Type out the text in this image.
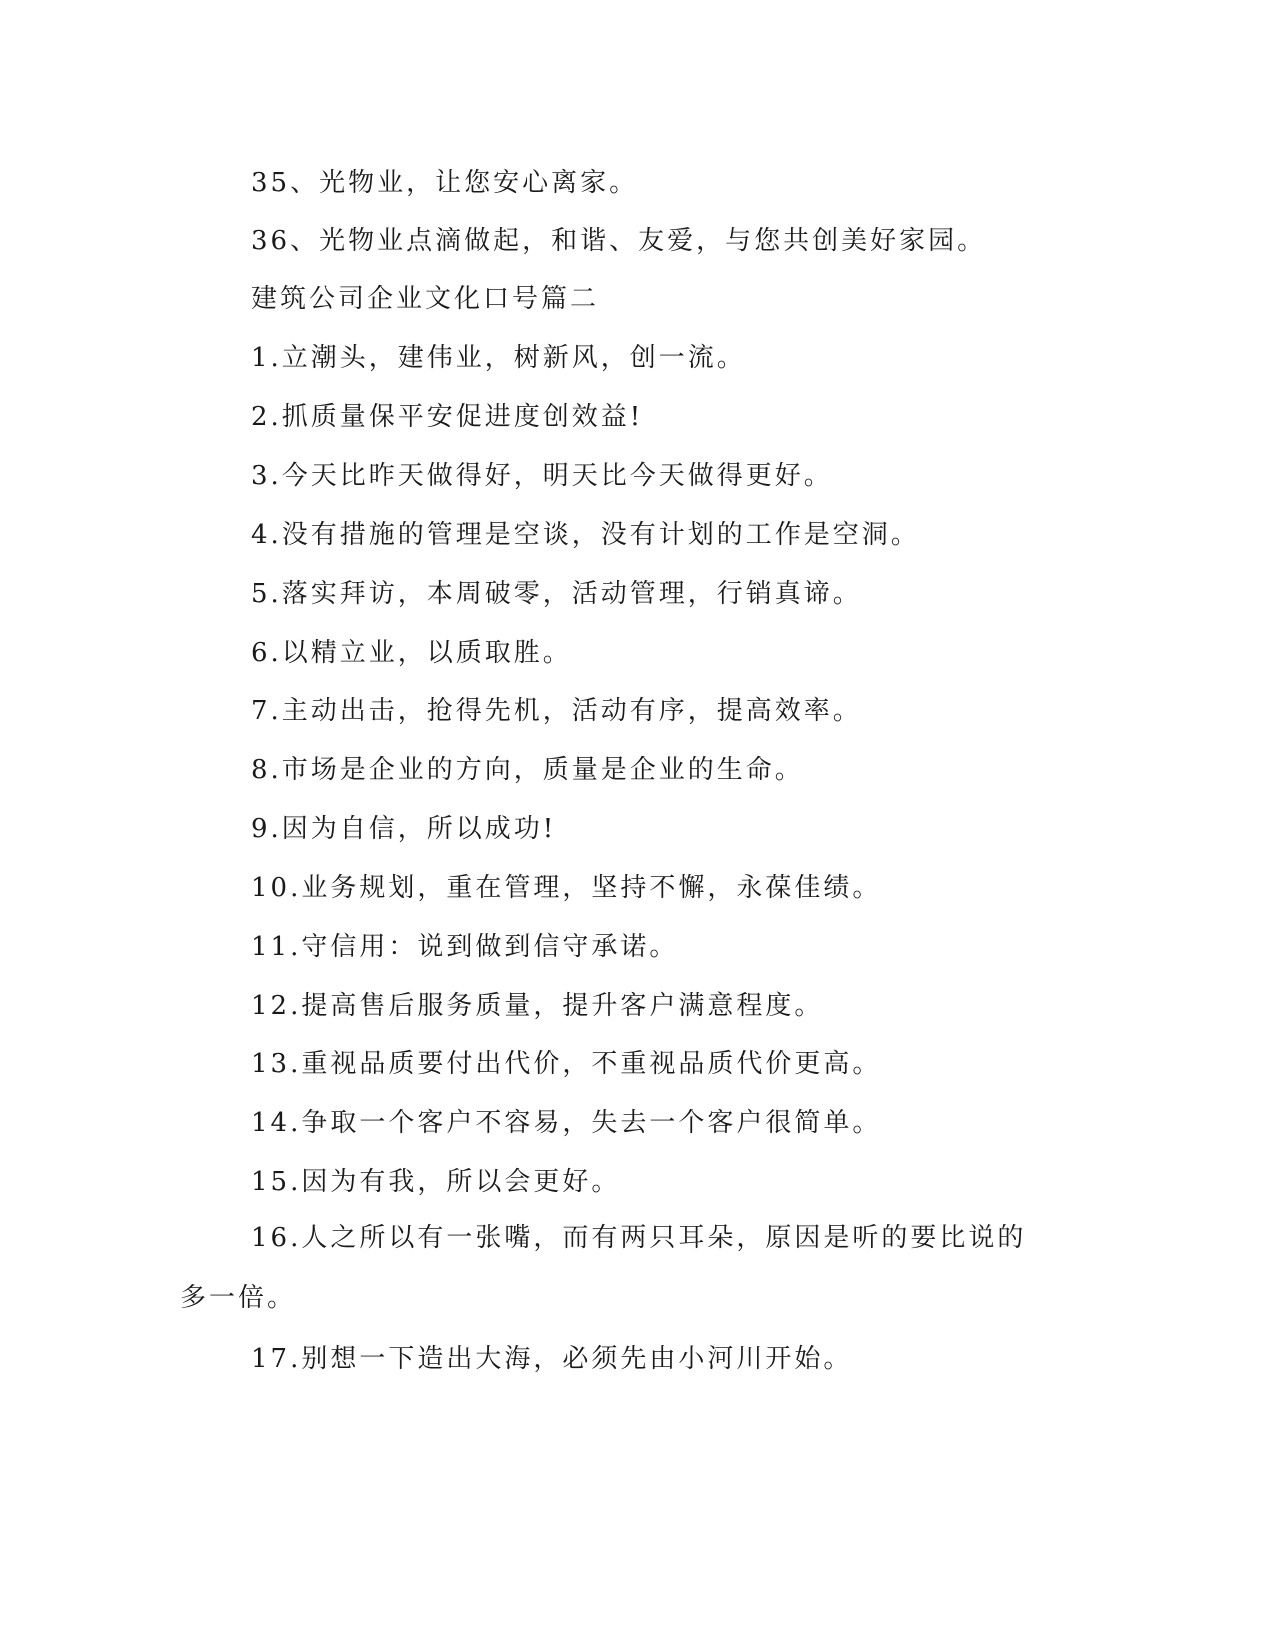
35、光物业，让您安心离家。
36、光物业点滴做起，和谐、友爱，与您共创美好家园。
建筑公司企业文化口号篇二
1.立潮头，建伟业，树新风，创一流。
2.抓质量保平安促进度创效益!
3.今天比昨天做得好，明天比今天做得更好。
4.没有措施的管理是空谈，没有计划的工作是空洞。
5.落实拜访，本周破零，活动管理，行销真谛。
6.以精立业，以质取胜。
7.主动出击，抢得先机，活动有序，提高效率。
8.市场是企业的方向，质量是企业的生命。
9.因为自信，所以成功!
10.业务规划，重在管理，坚持不懈，永葆佳绩。
11.守信用：说到做到信守承诺。
12.提高售后服务质量，提升客户满意程度。
13.重视品质要付出代价，不重视品质代价更高。
14.争取一个客户不容易，失去一个客户很简单。
15.因为有我，所以会更好。
16.人之所以有一张嘴，而有两只耳朵，原因是听的要比说的多一倍。
17.别想一下造出大海，必须先由小河川开始。
